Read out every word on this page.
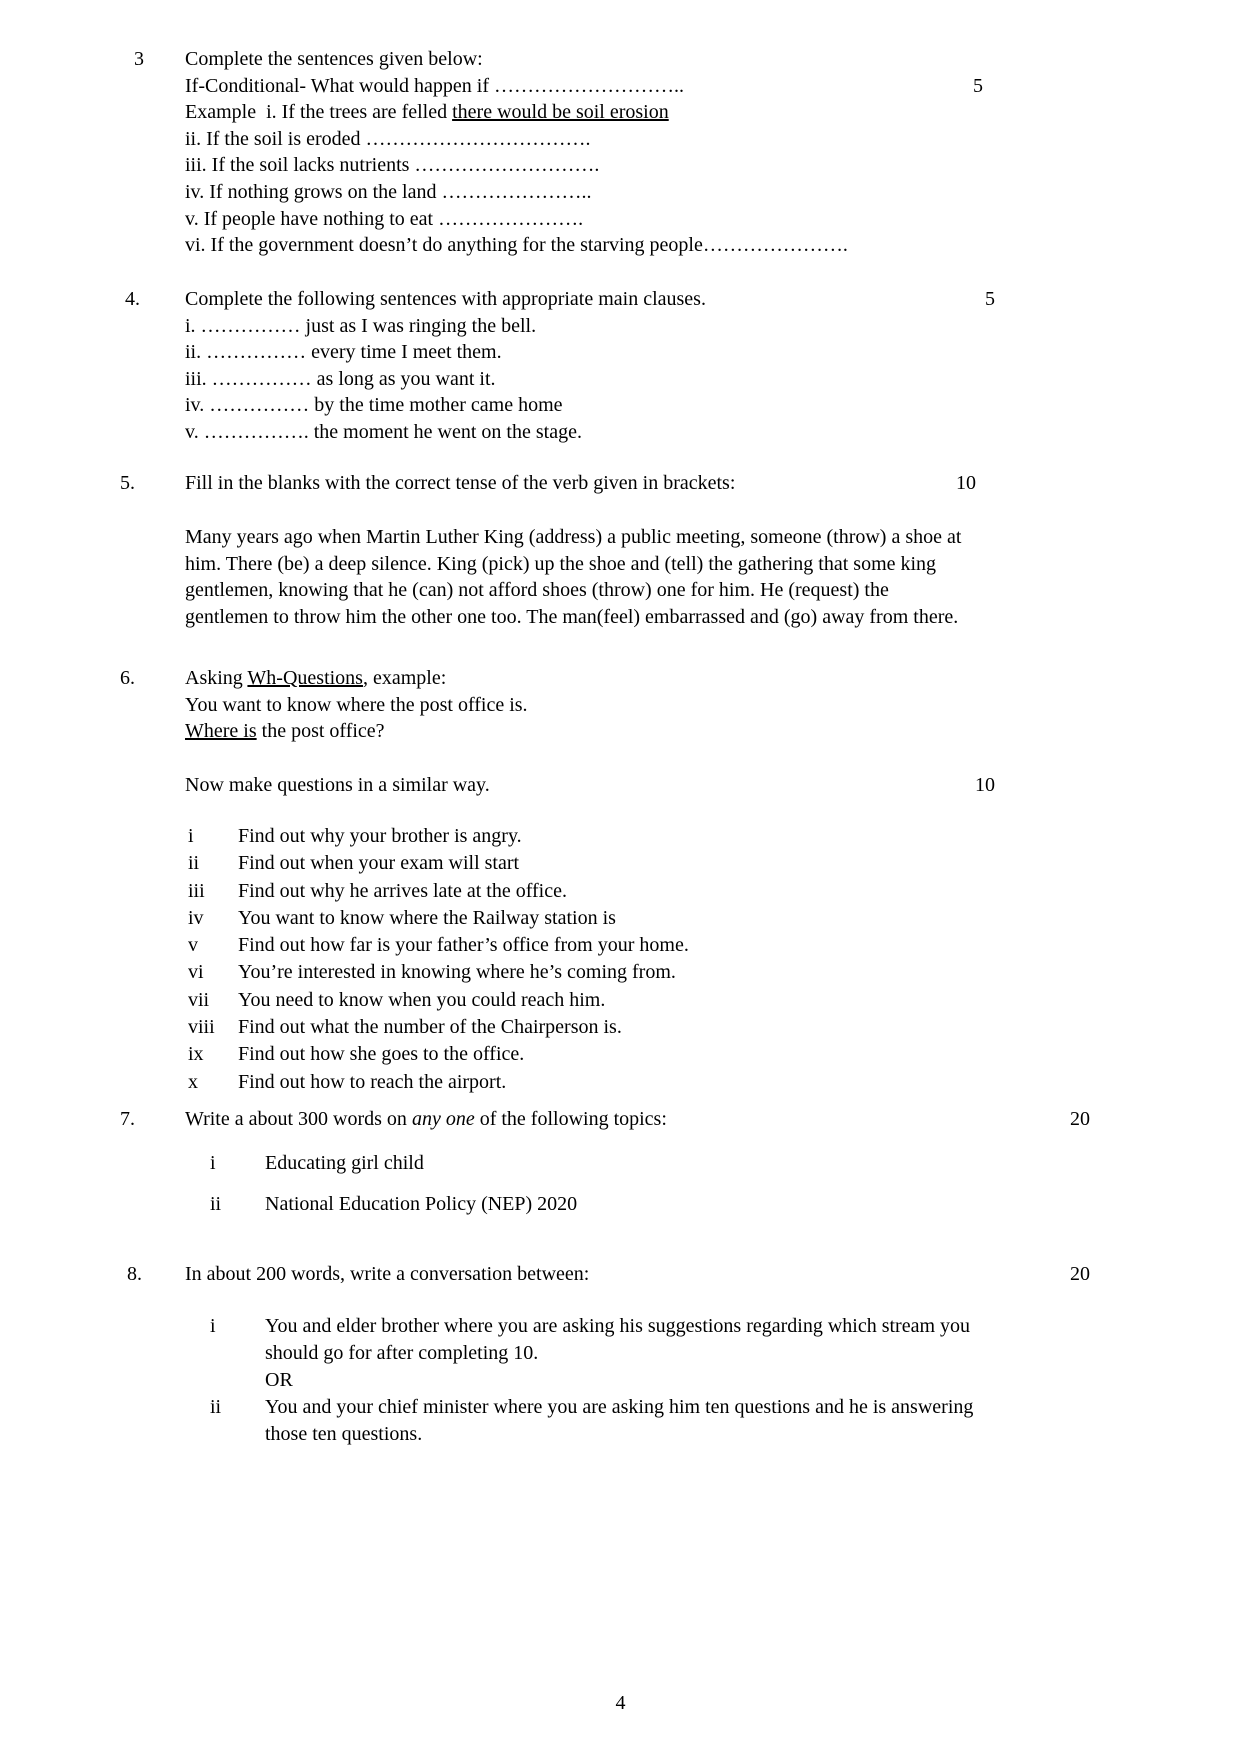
3
5
Complete the sentences given below:
If-Conditional- What would happen if ………………………..
Example  i. If the trees are felled there would be soil erosion
ii. If the soil is eroded …………………………….
iii. If the soil lacks nutrients ……………………….
iv. If nothing grows on the land …………………..
v. If people have nothing to eat ………………….
vi. If the government doesn’t do anything for the starving people………………….
4.	5
Complete the following sentences with appropriate main clauses.
i. …………… just as I was ringing the bell.
ii. …………… every time I meet them.
iii. …………… as long as you want it.
iv. …………… by the time mother came home
v. ……………. the moment he went on the stage.
5.	10
Fill in the blanks with the correct tense of the verb given in brackets:
Many years ago when Martin Luther King (address) a public meeting, someone (throw) a shoe at
him. There (be) a deep silence. King (pick) up the shoe and (tell) the gathering that some king
gentlemen, knowing that he (can) not afford shoes (throw) one for him. He (request) the
gentlemen to throw him the other one too. The man(feel) embarrassed and (go) away from there.
6.	Asking Wh-Questions, example:
You want to know where the post office is.
Where is the post office?
Now make questions in a similar way.	10
i	Find out why your brother is angry.
ii	Find out when your exam will start
iii	Find out why he arrives late at the office.
iv	You want to know where the Railway station is
v	Find out how far is your father’s office from your home.
vi	You’re interested in knowing where he’s coming from.
vii	You need to know when you could reach him.
viii	Find out what the number of the Chairperson is.
ix	Find out how she goes to the office.
x	Find out how to reach the airport.
7.	20
Write a about 300 words on any one of the following topics:
i	Educating girl child
ii	National Education Policy (NEP) 2020
8.	20
In about 200 words, write a conversation between:
i	You and elder brother where you are asking his suggestions regarding which stream you
should go for after completing 10.
OR
ii	You and your chief minister where you are asking him ten questions and he is answering
those ten questions.
4
